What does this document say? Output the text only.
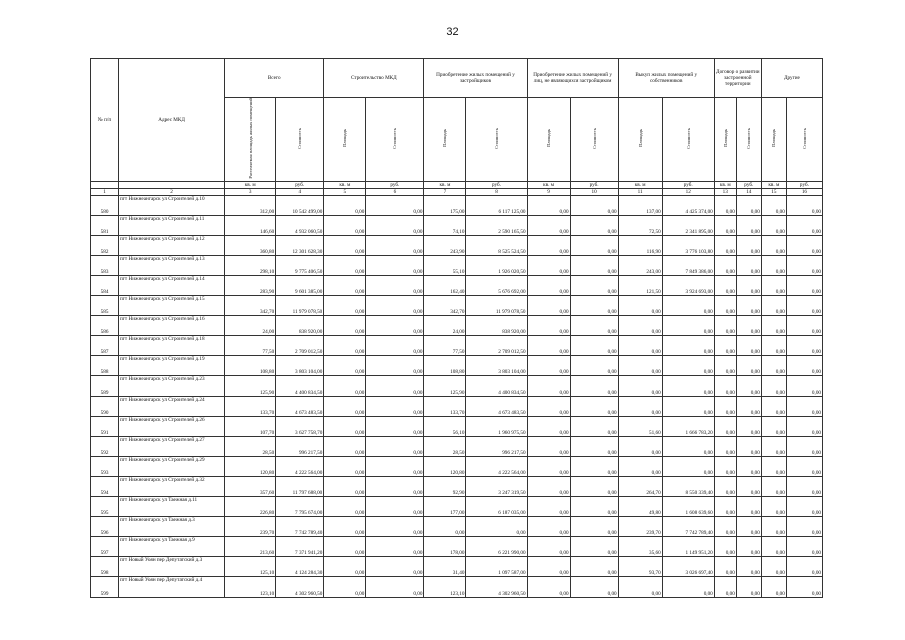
32
№ п/п	Адрес МКД	Всего		Строительство МКД		Приобретение жилых помещений у застройщиков		Приобретение жилых помещений у лиц, не являющихся застройщиком		Выкуп жилых помещений у собственников		Договор о развитии застроенной территории		Другие	
		Расселяемая площадь жилых помещений	Стоимость	Площадь	Стоимость	Площадь	Стоимость	Площадь	Стоимость	Площадь	Стоимость	Площадь	Стоимость	Площадь	Стоимость
		кв. м	руб.	кв. м	руб.	кв. м	руб.	кв. м	руб.	кв. м	руб.	кв. м	руб.	кв. м	руб.
1	2	3	4	5	6	7	8	9	10	11	12	13	14	15	16
580	пгт Нижнеангарск ул Строителей д.10	312,00	10 542 499,00	0,00	0,00	175,00	6 117 125,00	0,00	0,00	137,00	4 425 374,00	0,00	0,00	0,00	0,00
581	пгт Нижнеангарск ул Строителей д.11	146,60	4 932 060,50	0,00	0,00	74,10	2 590 165,50	0,00	0,00	72,50	2 341 895,00	0,00	0,00	0,00	0,00
582	пгт Нижнеангарск ул Строителей д.12	360,80	12 301 628,30	0,00	0,00	243,90	8 525 524,50	0,00	0,00	116,90	3 776 103,80	0,00	0,00	0,00	0,00
583	пгт Нижнеангарск ул Строителей д.13	298,10	9 775 406,50	0,00	0,00	55,10	1 926 020,50	0,00	0,00	243,00	7 849 386,00	0,00	0,00	0,00	0,00
584	пгт Нижнеангарск ул Строителей д.14	283,90	9 601 385,00	0,00	0,00	162,40	5 676 692,00	0,00	0,00	121,50	3 924 693,00	0,00	0,00	0,00	0,00
585	пгт Нижнеангарск ул Строителей д.15	342,70	11 979 078,50	0,00	0,00	342,70	11 979 078,50	0,00	0,00	0,00	0,00	0,00	0,00	0,00	0,00
586	пгт Нижнеангарск ул Строителей д.16	24,00	838 920,00	0,00	0,00	24,00	838 920,00	0,00	0,00	0,00	0,00	0,00	0,00	0,00	0,00
587	пгт Нижнеангарск ул Строителей д.18	77,50	2 709 012,50	0,00	0,00	77,50	2 709 012,50	0,00	0,00	0,00	0,00	0,00	0,00	0,00	0,00
588	пгт Нижнеангарск ул Строителей д.19	108,80	3 803 104,00	0,00	0,00	108,80	3 803 104,00	0,00	0,00	0,00	0,00	0,00	0,00	0,00	0,00
589	пгт Нижнеангарск ул Строителей д.23	125,90	4 400 834,50	0,00	0,00	125,90	4 400 834,50	0,00	0,00	0,00	0,00	0,00	0,00	0,00	0,00
590	пгт Нижнеангарск ул Строителей д.24	133,70	4 673 483,50	0,00	0,00	133,70	4 673 483,50	0,00	0,00	0,00	0,00	0,00	0,00	0,00	0,00
591	пгт Нижнеангарск ул Строителей д.26	107,70	3 627 758,70	0,00	0,00	56,10	1 960 975,50	0,00	0,00	51,60	1 666 783,20	0,00	0,00	0,00	0,00
592	пгт Нижнеангарск ул Строителей д.27	28,50	996 217,50	0,00	0,00	28,50	996 217,50	0,00	0,00	0,00	0,00	0,00	0,00	0,00	0,00
593	пгт Нижнеангарск ул Строителей д.29	120,80	4 222 564,00	0,00	0,00	120,80	4 222 564,00	0,00	0,00	0,00	0,00	0,00	0,00	0,00	0,00
594	пгт Нижнеангарск ул Строителей д.32	357,60	11 797 688,00	0,00	0,00	92,90	3 247 319,50	0,00	0,00	264,70	8 550 339,40	0,00	0,00	0,00	0,00
595	пгт Нижнеангарск ул Таежная д.11	226,80	7 795 674,00	0,00	0,00	177,00	6 187 035,00	0,00	0,00	49,80	1 608 639,60	0,00	0,00	0,00	0,00
596	пгт Нижнеангарск ул Таежная д.3	239,70	7 742 789,40	0,00	0,00	0,00	0,00	0,00	0,00	239,70	7 742 789,40	0,00	0,00	0,00	0,00
597	пгт Нижнеангарск ул Таежная д.9	213,60	7 371 941,20	0,00	0,00	178,00	6 221 990,00	0,00	0,00	35,60	1 149 951,20	0,00	0,00	0,00	0,00
598	пгт Новый Уоян пер Депутатский д.3	125,10	4 124 284,30	0,00	0,00	31,40	1 097 587,00	0,00	0,00	93,70	3 026 697,40	0,00	0,00	0,00	0,00
599	пгт Новый Уоян пер Депутатский д.4	123,10	4 302 960,50	0,00	0,00	123,10	4 302 960,50	0,00	0,00	0,00	0,00	0,00	0,00	0,00	0,00
